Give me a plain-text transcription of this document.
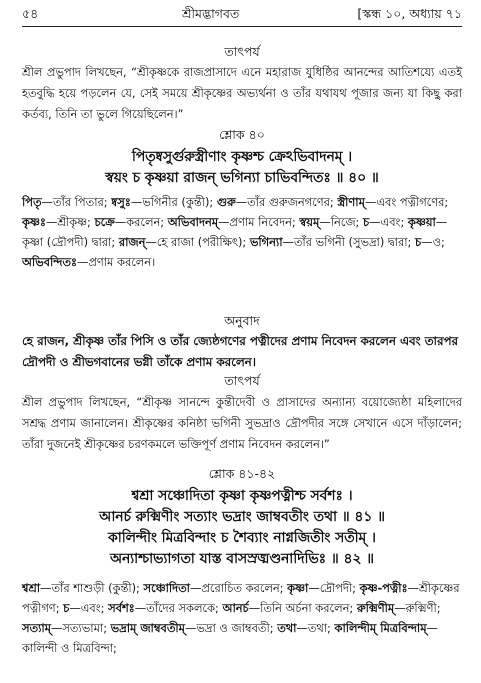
৫৪	শ্রীমদ্ভাগবত	[স্কন্ধ ১০, অধ্যায় ৭১
তাৎপর্য
শ্রীল প্রভুপাদ লিখছেন, “শ্রীকৃষ্ণকে রাজপ্রাসাদে এনে মহারাজ যুধিষ্ঠির আনন্দের আতিশয্যে এতই হতবুদ্ধি হয়ে পড়লেন যে, সেই সময়ে শ্রীকৃষ্ণের অভ্যর্থনা ও তাঁর যথাযথ পূজার জন্য যা কিছু করা কর্তব্য, তিনি তা ভুলে গিয়েছিলেন।”
শ্লোক ৪০
পিতৃষ্বসুর্গুরুস্ত্রীণাং কৃষ্ণশ্চ ক্রেঽভিবাদনম্ ।
স্বয়ং চ কৃষ্ণয়া রাজন্ ভগিন্যা চাভিবন্দিতঃ ॥ ৪০ ॥
পিতৃ—তাঁর পিতার; ষ্বসুঃ—ভগিনীর (কুন্তী); গুরু—তাঁর গুরুজনগণের; স্ত্রীণাম্—এবং পত্নীগণের; কৃষ্ণঃ—শ্রীকৃষ্ণ; চক্রে—করলেন; অভিবাদনম্—প্রণাম নিবেদন; স্বয়ম্—নিজে; চ—এবং; কৃষ্ণয়া—কৃষ্ণা (দ্রৌপদী) দ্বারা; রাজন্—হে রাজা (পরীক্ষিৎ); ভগিন্যা—তাঁর ভগিনী (সুভদ্রা) দ্বারা; চ—ও; অভিবন্দিতঃ—প্রণাম করলেন।
অনুবাদ
হে রাজন, শ্রীকৃষ্ণ তাঁর পিসি ও তাঁর জ্যেষ্ঠগণের পত্নীদের প্রণাম নিবেদন করলেন এবং তারপর দ্রৌপদী ও শ্রীভগবানের ভগ্নী তাঁকে প্রণাম করলেন।
তাৎপর্য
শ্রীল প্রভুপাদ লিখছেন, “শ্রীকৃষ্ণ সানন্দে কুন্তীদেবী ও প্রাসাদের অন্যান্য বয়োজ্যেষ্ঠা মহিলাদের সশ্রদ্ধ প্রণাম জানালেন। শ্রীকৃষ্ণের কনিষ্ঠা ভগিনী সুভদ্রাও দ্রৌপদীর সঙ্গে সেখানে এসে দাঁড়ালেন; তাঁরা দুজনেই শ্রীকৃষ্ণের চরণকমলে ভক্তিপূর্ণ প্রণাম নিবেদন করলেন।”
শ্লোক ৪১-৪২
শ্বশ্রা সঞ্চোদিতা কৃষ্ণা কৃষ্ণপত্নীশ্চ সর্বশঃ ।
আনর্চ রুক্মিণীং সত্যাং ভদ্রাং জাম্ববতীং তথা ॥ ৪১ ॥
কালিন্দীং মিত্রবিন্দাং চ শৈব্যাং নাগ্নজিতীং সতীম্ ।
অন্যাশ্চাভ্যাগতা যাস্ত বাসস্রঙ্মণ্ডনাদিভিঃ ॥ ৪২ ॥
শ্বশ্রা—তাঁর শাশুড়ী (কুন্তী); সঞ্চোদিতা—প্ররোচিত করলেন; কৃষ্ণা—দ্রৌপদী; কৃষ্ণ-পত্নীঃ—শ্রীকৃষ্ণের পত্নীগণ; চ—এবং; সর্বশঃ—তাঁদের সকলকে; আনর্চ—তিনি অর্চনা করলেন; রুক্মিণীম্—রুক্মিণী; সত্যাম্—সত্যভামা; ভদ্রাম্ জাম্ববতীম্—ভদ্রা ও জাম্ববতী; তথা—তথা; কালিন্দীম্ মিত্রবিন্দাম্—কালিন্দী ও মিত্রবিন্দা;
